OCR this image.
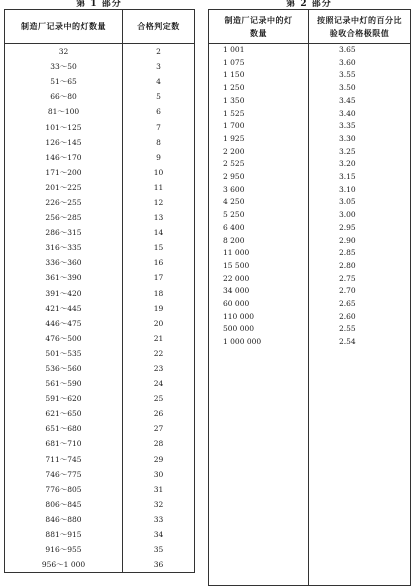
第 1 部分	第 2 部分
制造厂记录中的灯数量	合格判定数
32	2
33～50	3
51～65	4
66～80	5
81～100	6
101～125	7
126～145	8
146～170	9
171～200	10
201～225	11
226～255	12
256～285	13
286～315	14
316～335	15
336～360	16
361～390	17
391～420	18
421～445	19
446～475	20
476～500	21
501～535	22
536～560	23
561～590	24
591～620	25
621～650	26
651～680	27
681～710	28
711～745	29
746～775	30
776～805	31
806～845	32
846～880	33
881～915	34
916～955	35
956～1 000	36
制造厂记录中的灯数量	按照记录中灯的百分比验收合格极限值
1 001	3.65
1 075	3.60
1 150	3.55
1 250	3.50
1 350	3.45
1 525	3.40
1 700	3.35
1 925	3.30
2 200	3.25
2 525	3.20
2 950	3.15
3 600	3.10
4 250	3.05
5 250	3.00
6 400	2.95
8 200	2.90
11 000	2.85
15 500	2.80
22 000	2.75
34 000	2.70
60 000	2.65
110 000	2.60
500 000	2.55
1 000 000	2.54
